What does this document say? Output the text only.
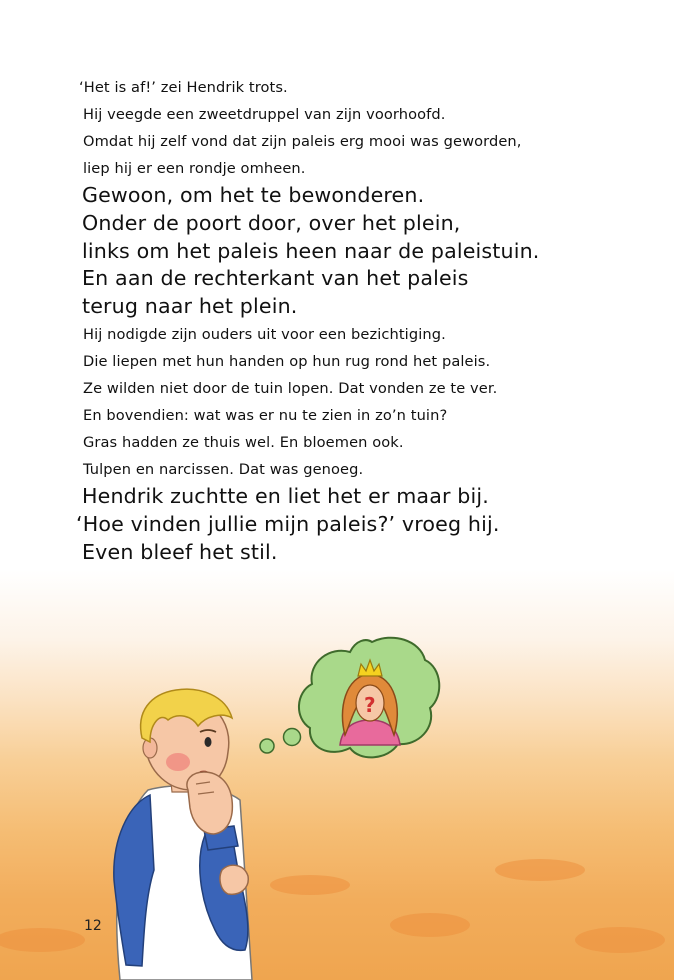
‘Het is af!’ zei Hendrik trots.
Hij veegde een zweetdruppel van zijn voorhoofd.
Omdat hij zelf vond dat zijn paleis erg mooi was geworden,
liep hij er een rondje omheen.
Gewoon, om het te bewonderen.
Onder de poort door, over het plein,
links om het paleis heen naar de paleistuin.
En aan de rechterkant van het paleis
terug naar het plein.
Hij nodigde zijn ouders uit voor een bezichtiging.
Die liepen met hun handen op hun rug rond het paleis.
Ze wilden niet door de tuin lopen. Dat vonden ze te ver.
En bovendien: wat was er nu te zien in zo’n tuin?
Gras hadden ze thuis wel. En bloemen ook.
Tulpen en narcissen. Dat was genoeg.
Hendrik zuchtte en liet het er maar bij.
‘Hoe vinden jullie mijn paleis?’ vroeg hij.
Even bleef het stil.
?
12
